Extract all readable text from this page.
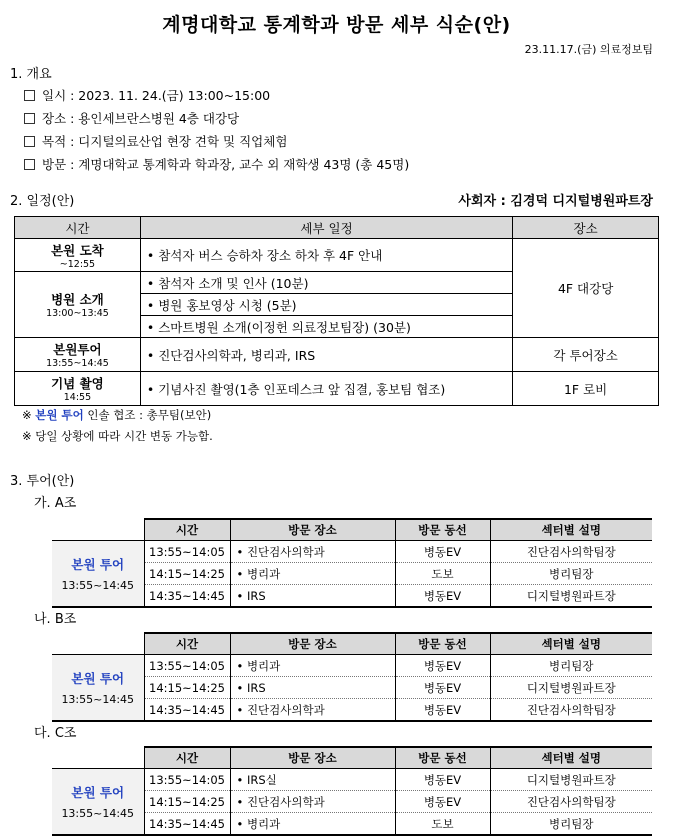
계명대학교 통계학과 방문 세부 식순(안)
23.11.17.(금) 의료정보팀
1. 개요
일시 : 2023. 11. 24.(금) 13:00~15:00
장소 : 용인세브란스병원 4층 대강당
목적 : 디지털의료산업 현장 견학 및 직업체험
방문 : 계명대학교 통계학과 학과장, 교수 외 재학생 43명 (총 45명)
2. 일정(안)	사회자 : 김경덕 디지털병원파트장
시간	세부 일정	장소
본원 도착
~12:55	• 참석자 버스 승하차 장소 하차 후 4F 안내	4F 대강당
병원 소개
13:00~13:45	• 참석자 소개 및 인사 (10분)	
	• 병원 홍보영상 시청 (5분)	
	• 스마트병원 소개(이정헌 의료정보팀장) (30분)	
본원투어
13:55~14:45	• 진단검사의학과, 병리과, IRS	각 투어장소
기념 촬영
14:55	• 기념사진 촬영(1층 인포데스크 앞 집결, 홍보팀 협조)	1F 로비
※ 본원 투어 인솔 협조 : 총무팀(보안)
※ 당일 상황에 따라 시간 변동 가능함.
3. 투어(안)
가. A조
	시간	방문 장소	방문 동선	섹터별 설명

본원 투어
13:55~14:45	13:55~14:05	• 진단검사의학과	병동EV	진단검사의학팀장
	14:15~14:25	• 병리과	도보	병리팀장
	14:35~14:45	• IRS	병동EV	디지털병원파트장
나. B조
	시간	방문 장소	방문 동선	섹터별 설명

본원 투어
13:55~14:45	13:55~14:05	• 병리과	병동EV	병리팀장
	14:15~14:25	• IRS	병동EV	디지털병원파트장
	14:35~14:45	• 진단검사의학과	병동EV	진단검사의학팀장
다. C조
	시간	방문 장소	방문 동선	섹터별 설명

본원 투어
13:55~14:45	13:55~14:05	• IRS실	병동EV	디지털병원파트장
	14:15~14:25	• 진단검사의학과	병동EV	진단검사의학팀장
	14:35~14:45	• 병리과	도보	병리팀장
